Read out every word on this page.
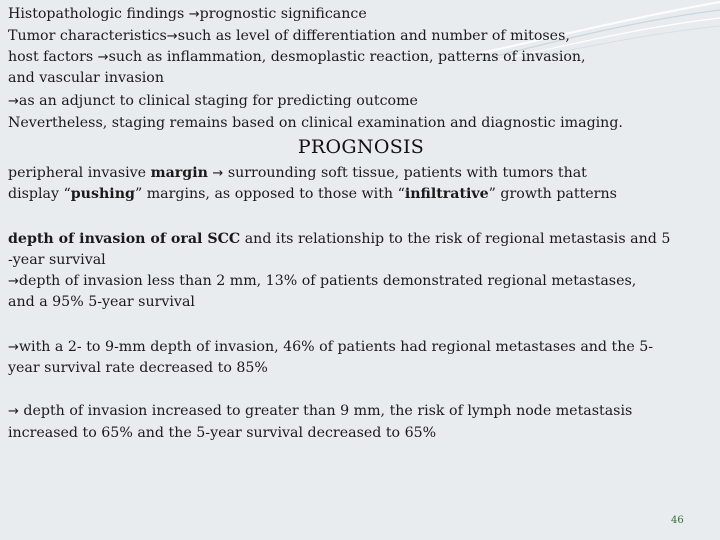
Histopathologic findings →prognostic significance
Tumor characteristics→such as level of differentiation and number of mitoses,
host factors →such as inflammation, desmoplastic reaction, patterns of invasion,
and vascular invasion
→as an adjunct to clinical staging for predicting outcome
Nevertheless, staging remains based on clinical examination and diagnostic imaging.
PROGNOSIS
peripheral invasive margin → surrounding soft tissue, patients with tumors that
display “pushing” margins, as opposed to those with “infiltrative” growth patterns
depth of invasion of oral SCC and its relationship to the risk of regional metastasis and 5
-year survival
→depth of invasion less than 2 mm, 13% of patients demonstrated regional metastases,
and a 95% 5-year survival
→with a 2- to 9-mm depth of invasion, 46% of patients had regional metastases and the 5-
year survival rate decreased to 85%
→ depth of invasion increased to greater than 9 mm, the risk of lymph node metastasis
increased to 65% and the 5-year survival decreased to 65%
46
